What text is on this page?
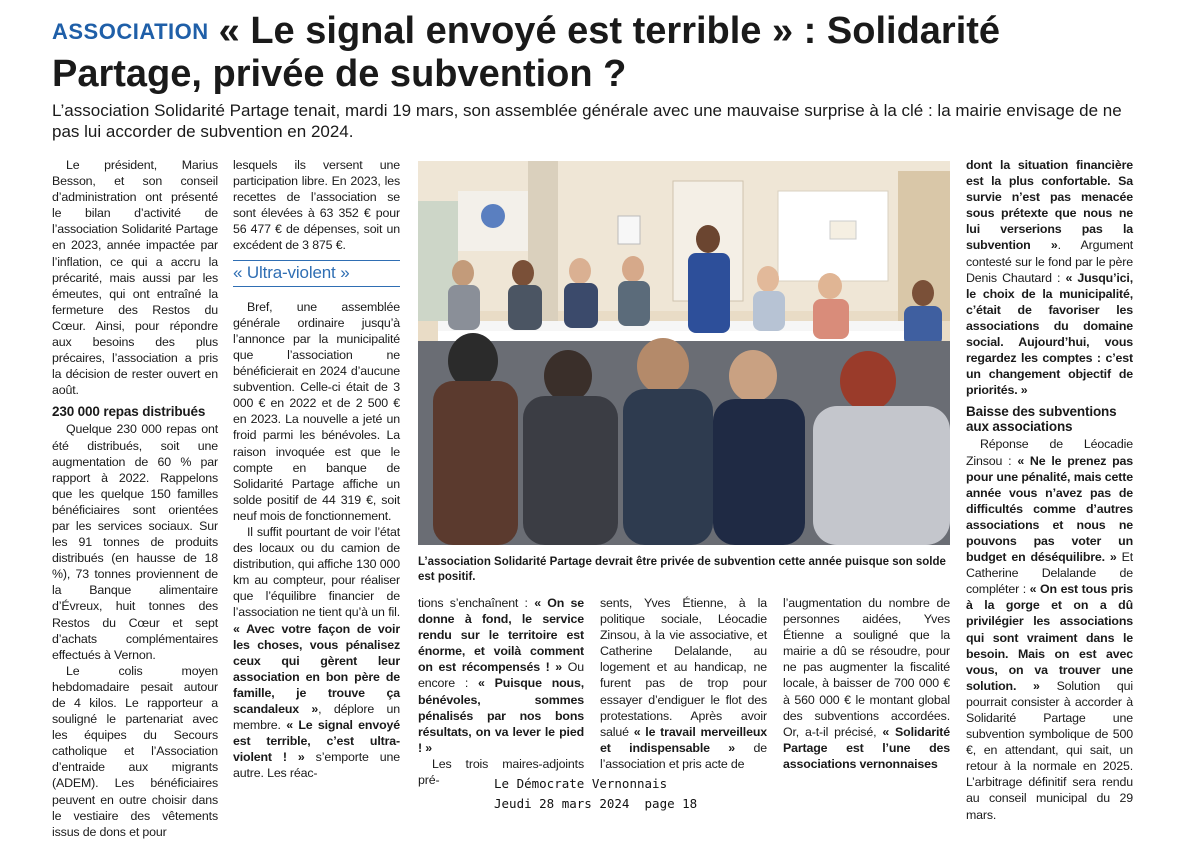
ASSOCIATION « Le signal envoyé est terrible » : Solidarité Partage, privée de subvention ?
L’association Solidarité Partage tenait, mardi 19 mars, son assemblée générale avec une mauvaise surprise à la clé : la mairie envisage de ne pas lui accorder de subvention en 2024.

Le président, Marius Besson, et son conseil d’administration ont présenté le bilan d’activité de l’association Solidarité Partage en 2023, année impactée par l’inflation, ce qui a accru la précarité, mais aussi par les émeutes, qui ont entraîné la fermeture des Restos du Cœur. Ainsi, pour répondre aux besoins des plus précaires, l’association a pris la décision de rester ouvert en août.

230 000 repas distribués

Quelque 230 000 repas ont été distribués, soit une augmentation de 60 % par rapport à 2022. Rappelons que les quelque 150 familles bénéficiaires sont orientées par les services sociaux. Sur les 91 tonnes de produits distribués (en hausse de 18 %), 73 tonnes proviennent de la Banque alimentaire d’Évreux, huit tonnes des Restos du Cœur et sept d’achats complémentaires effectués à Vernon.

Le colis moyen hebdomadaire pesait autour de 4 kilos. Le rapporteur a souligné le partenariat avec les équipes du Secours catholique et l’Association d’entraide aux migrants (ADEM). Les bénéficiaires peuvent en outre choisir dans le vestiaire des vêtements issus de dons et pour

lesquels ils versent une participation libre. En 2023, les recettes de l’association se sont élevées à 63 352 € pour 56 477 € de dépenses, soit un excédent de 3 875 €.

« Ultra-violent »

Bref, une assemblée générale ordinaire jusqu’à l’annonce par la municipalité que l’association ne bénéficierait en 2024 d’aucune subvention. Celle-ci était de 3 000 € en 2022 et de 2 500 € en 2023. La nouvelle a jeté un froid parmi les bénévoles. La raison invoquée est que le compte en banque de Solidarité Partage affiche un solde positif de 44 319 €, soit neuf mois de fonctionnement.

Il suffit pourtant de voir l’état des locaux ou du camion de distribution, qui affiche 130 000 km au compteur, pour réaliser que l’équilibre financier de l’association ne tient qu’à un fil. « Avec votre façon de voir les choses, vous pénalisez ceux qui gèrent leur association en bon père de famille, je trouve ça scandaleux », déplore un membre. « Le signal envoyé est terrible, c’est ultra-violent ! » s’emporte une autre. Les réac-

L’association Solidarité Partage devrait être privée de subvention cette année puisque son solde est positif.

tions s’enchaînent : « On se donne à fond, le service rendu sur le territoire est énorme, et voilà comment on est récompensés ! » Ou encore : « Puisque nous, bénévoles, sommes pénalisés par nos bons résultats, on va lever le pied ! »

Les trois maires-adjoints pré-

sents, Yves Étienne, à la politique sociale, Léocadie Zinsou, à la vie associative, et Catherine Delalande, au logement et au handicap, ne furent pas de trop pour essayer d’endiguer le flot des protestations. Après avoir salué « le travail merveilleux et indispensable » de l’association et pris acte de

l’augmentation du nombre de personnes aidées, Yves Étienne a souligné que la mairie a dû se résoudre, pour ne pas augmenter la fiscalité locale, à baisser de 700 000 € à 560 000 € le montant global des subventions accordées. Or, a-t-il précisé, « Solidarité Partage est l’une des associations vernonnaises

dont la situation financière est la plus confortable. Sa survie n’est pas menacée sous prétexte que nous ne lui verserions pas la subvention ». Argument contesté sur le fond par le père Denis Chautard : « Jusqu’ici, le choix de la municipalité, c’était de favoriser les associations du domaine social. Aujourd’hui, vous regardez les comptes : c’est un changement objectif de priorités. »

Baisse des subventions aux associations

Réponse de Léocadie Zinsou : « Ne le prenez pas pour une pénalité, mais cette année vous n’avez pas de difficultés comme d’autres associations et nous ne pouvons pas voter un budget en déséquilibre. » Et Catherine Delalande de compléter : « On est tous pris à la gorge et on a dû privilégier les associations qui sont vraiment dans le besoin. Mais on est avec vous, on va trouver une solution. » Solution qui pourrait consister à accorder à Solidarité Partage une subvention symbolique de 500 €, en attendant, qui sait, un retour à la normale en 2025. L’arbitrage définitif sera rendu au conseil municipal du 29 mars.

Le Démocrate Vernonnais
Jeudi 28 mars 2024  page 18
